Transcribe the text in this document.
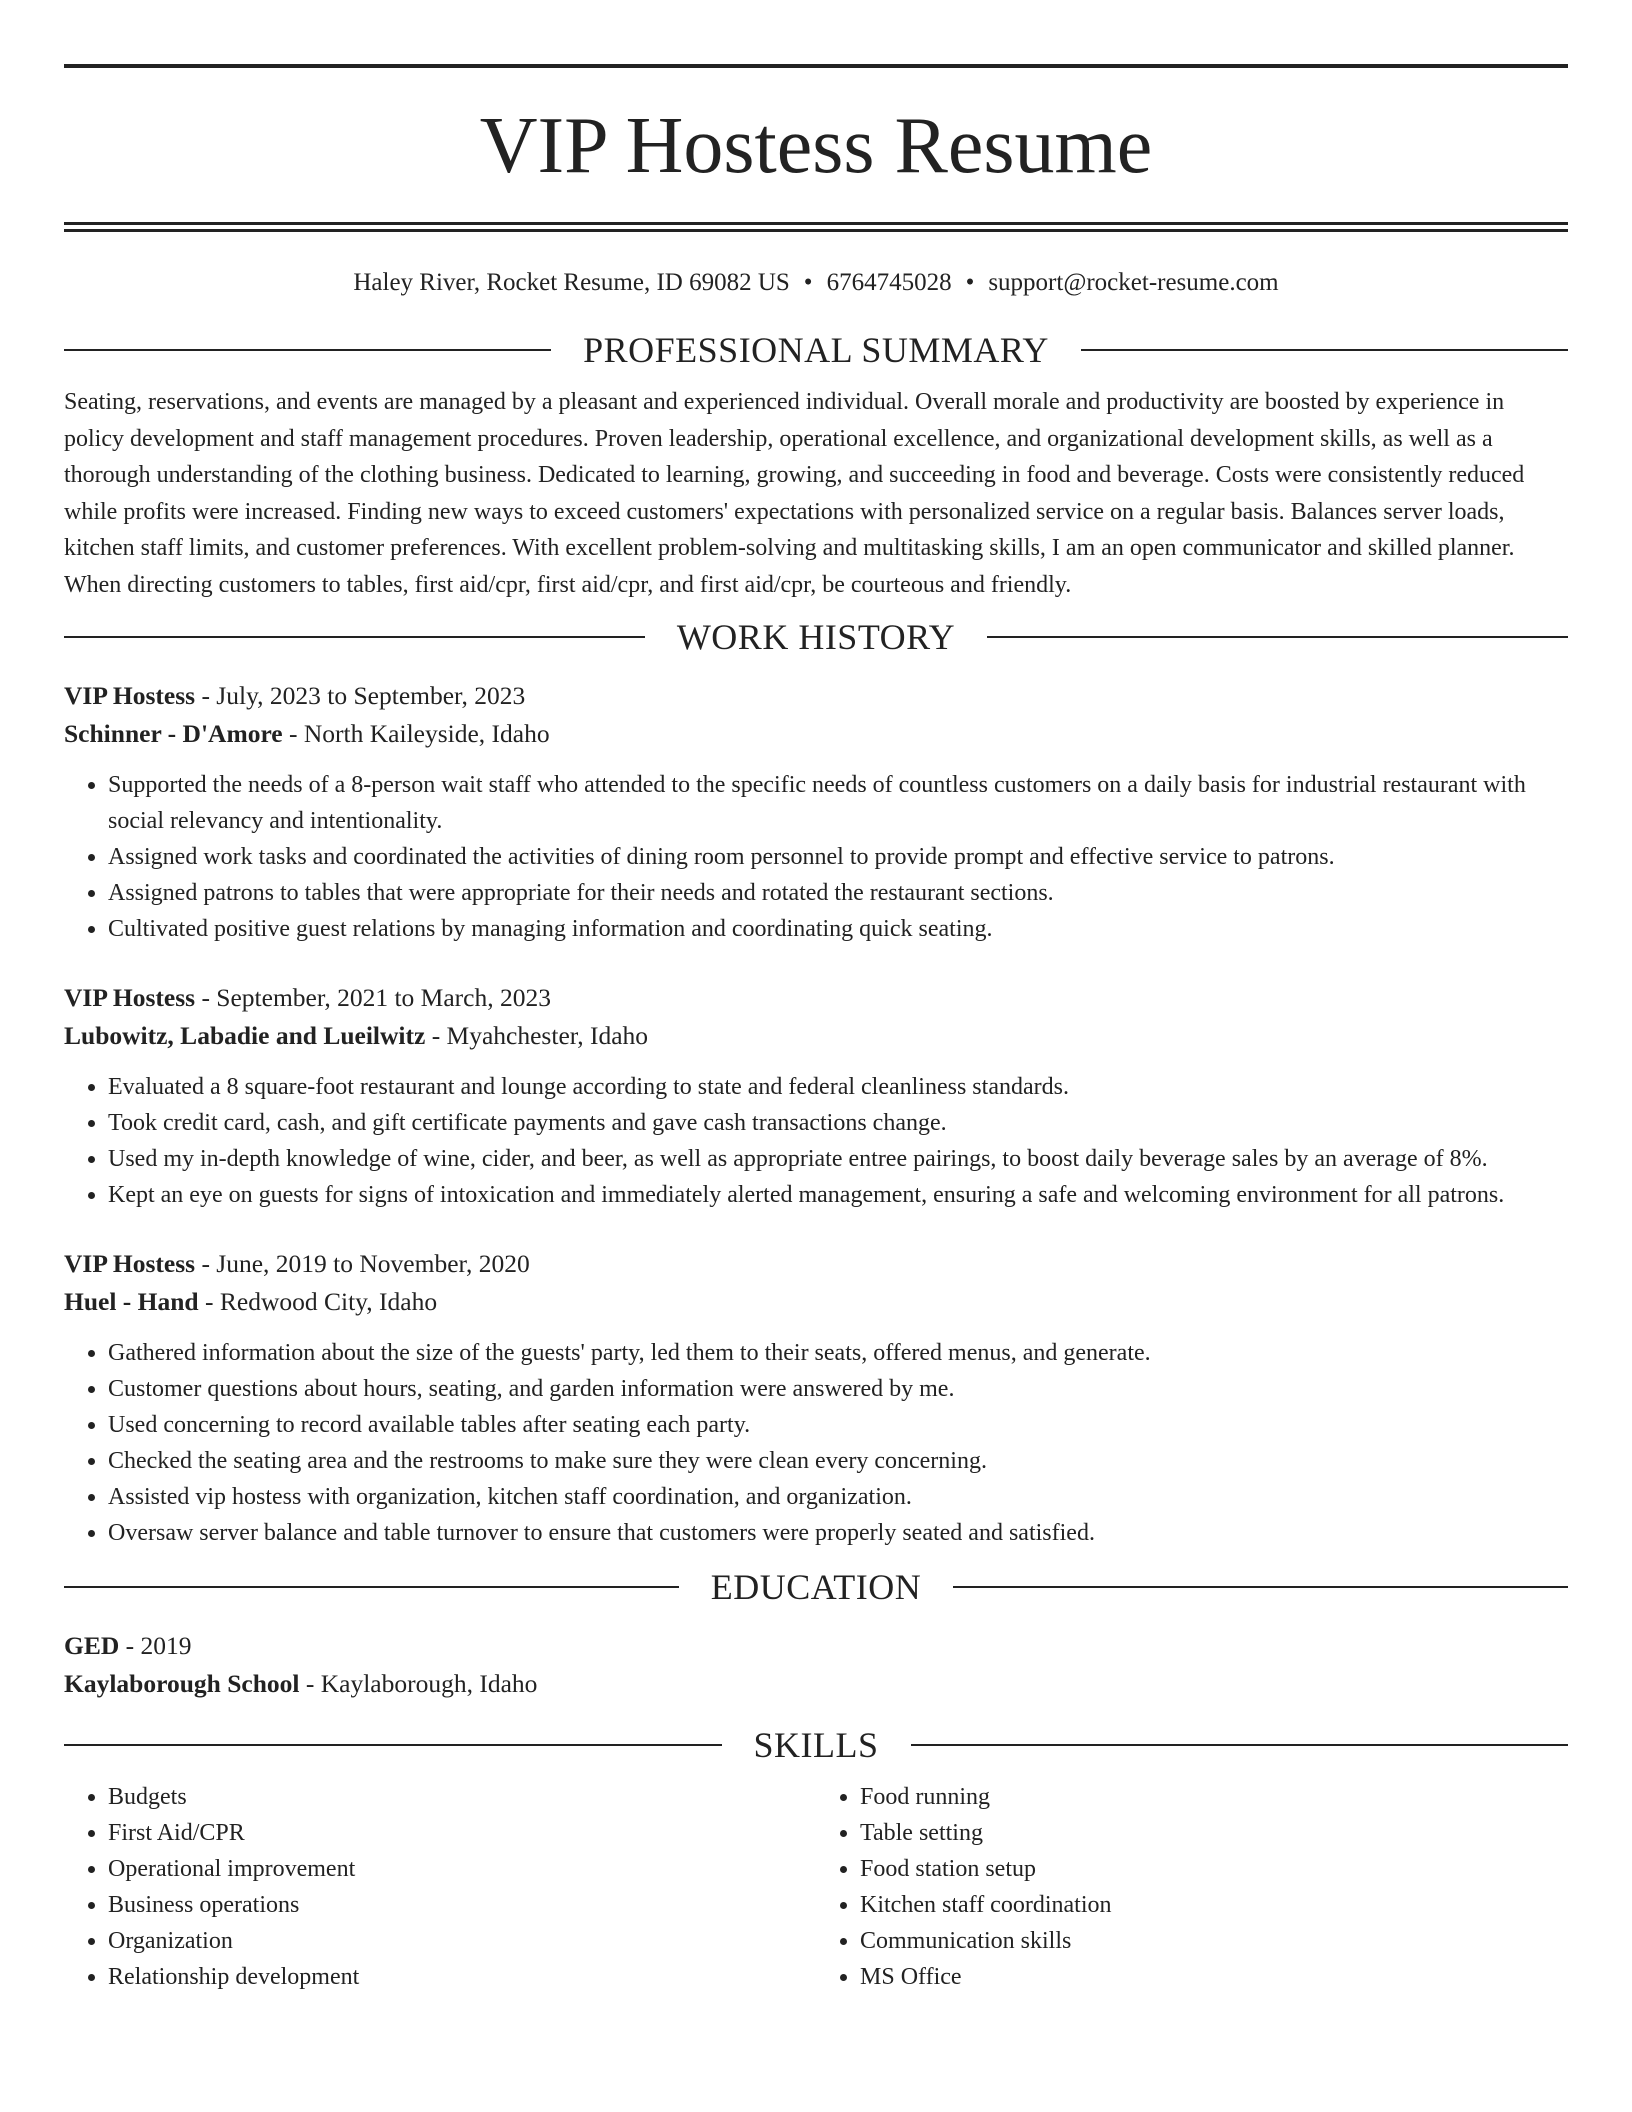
VIP Hostess Resume
Haley River, Rocket Resume, ID 69082 US • 6764745028 • support@rocket-resume.com
PROFESSIONAL SUMMARY

Seating, reservations, and events are managed by a pleasant and experienced individual. Overall morale and productivity are boosted by experience in policy development and staff management procedures. Proven leadership, operational excellence, and organizational development skills, as well as a thorough understanding of the clothing business. Dedicated to learning, growing, and succeeding in food and beverage. Costs were consistently reduced while profits were increased. Finding new ways to exceed customers' expectations with personalized service on a regular basis. Balances server loads, kitchen staff limits, and customer preferences. With excellent problem-solving and multitasking skills, I am an open communicator and skilled planner. When directing customers to tables, first aid/cpr, first aid/cpr, and first aid/cpr, be courteous and friendly.

WORK HISTORY
VIP Hostess - July, 2023 to September, 2023
Schinner - D'Amore - North Kaileyside, Idaho
• Supported the needs of a 8-person wait staff who attended to the specific needs of countless customers on a daily basis for industrial restaurant with social relevancy and intentionality.
• Assigned work tasks and coordinated the activities of dining room personnel to provide prompt and effective service to patrons.
• Assigned patrons to tables that were appropriate for their needs and rotated the restaurant sections.
• Cultivated positive guest relations by managing information and coordinating quick seating.
VIP Hostess - September, 2021 to March, 2023
Lubowitz, Labadie and Lueilwitz - Myahchester, Idaho
• Evaluated a 8 square-foot restaurant and lounge according to state and federal cleanliness standards.
• Took credit card, cash, and gift certificate payments and gave cash transactions change.
• Used my in-depth knowledge of wine, cider, and beer, as well as appropriate entree pairings, to boost daily beverage sales by an average of 8%.
• Kept an eye on guests for signs of intoxication and immediately alerted management, ensuring a safe and welcoming environment for all patrons.
VIP Hostess - June, 2019 to November, 2020
Huel - Hand - Redwood City, Idaho
• Gathered information about the size of the guests' party, led them to their seats, offered menus, and generate.
• Customer questions about hours, seating, and garden information were answered by me.
• Used concerning to record available tables after seating each party.
• Checked the seating area and the restrooms to make sure they were clean every concerning.
• Assisted vip hostess with organization, kitchen staff coordination, and organization.
• Oversaw server balance and table turnover to ensure that customers were properly seated and satisfied.
EDUCATION
GED - 2019
Kaylaborough School - Kaylaborough, Idaho
SKILLS
• Budgets
• First Aid/CPR
• Operational improvement
• Business operations
• Organization
• Relationship development
• Food running
• Table setting
• Food station setup
• Kitchen staff coordination
• Communication skills
• MS Office
